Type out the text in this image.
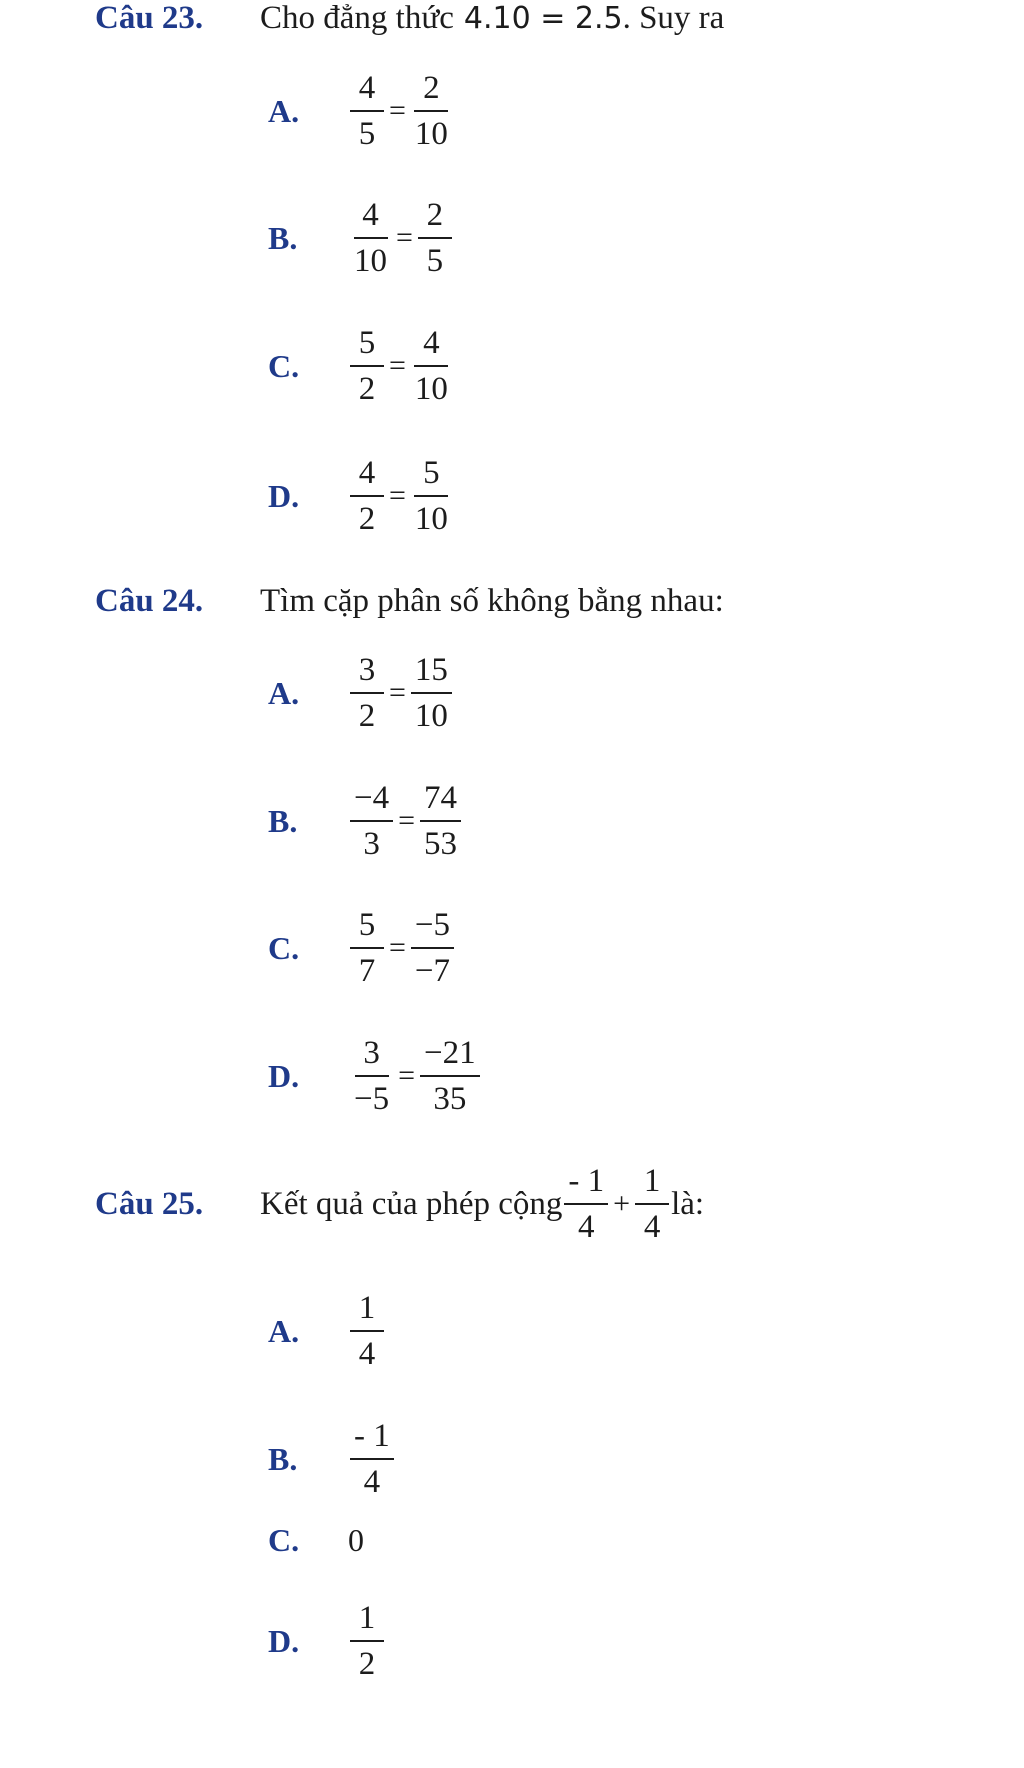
Câu 23.	Cho đẳng thức 4.10 = 2.5 . Suy ra
A.	$\frac{4}{5} = \frac{2}{10}$
B.	$\frac{4}{10} = \frac{2}{5}$
C.	$\frac{5}{2} = \frac{4}{10}$
D.	$\frac{4}{2} = \frac{5}{10}$
Câu 24.	Tìm cặp phân số không bằng nhau:
A.	$\frac{3}{2} = \frac{15}{10}$
B.	$\frac{-4}{3} = \frac{74}{53}$
C.	$\frac{5}{7} = \frac{-5}{-7}$
D.	$\frac{3}{-5} = \frac{-21}{35}$
Câu 25.	Kết quả của phép cộng $\frac{- 1}{4} + \frac{1}{4}$ là:
A.	$\frac{1}{4}$
B.	$\frac{- 1}{4}$
C.	0
D.	$\frac{1}{2}$
